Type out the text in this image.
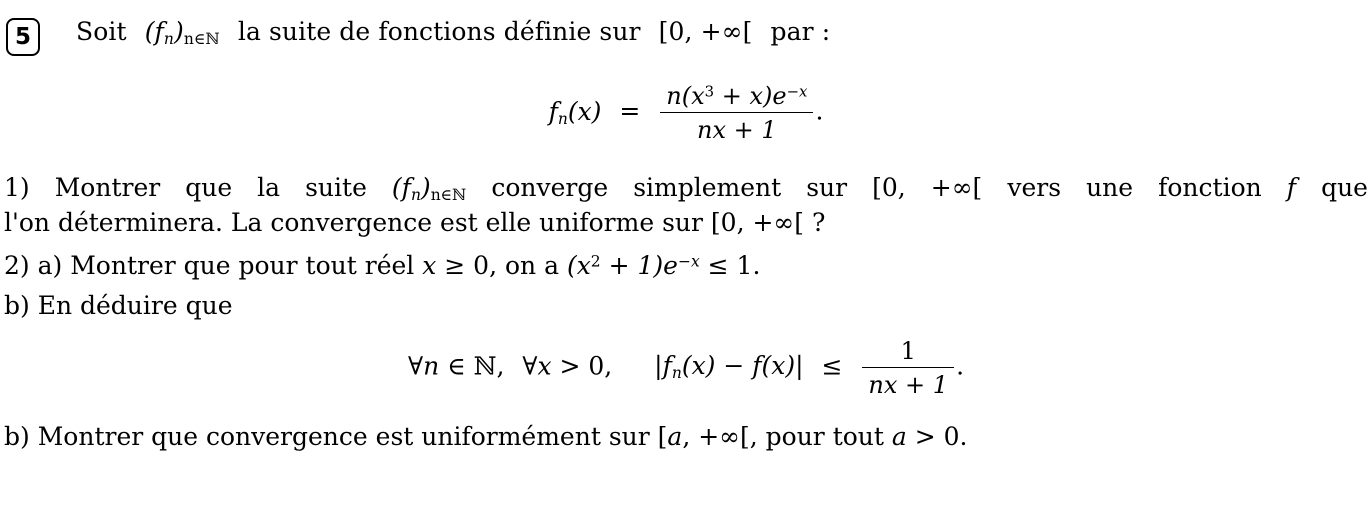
5	Soit $(f_n)_{n\in ℕ}$ la suite de fonctions définie sur [0, +∞[ par :
$f_n(x) = \frac{n(x^3 + x)e^{-x}}{nx + 1}$ .
1) Montrer que la suite $(f_n)_{n\in ℕ}$ converge simplement sur [0, +∞[ vers une fonction f que
l'on déterminera. La convergence est elle uniforme sur [0, +∞[ ?
2) a) Montrer que pour tout réel x ≥ 0, on a $(x^2 + 1)e^{-x} \le 1$.
b) En déduire que
∀n ∈ ℕ, ∀x > 0, $|f_n(x) - f(x)| \le \frac{1}{nx + 1}$ .
b) Montrer que convergence est uniformément sur [a, +∞[, pour tout a > 0.
